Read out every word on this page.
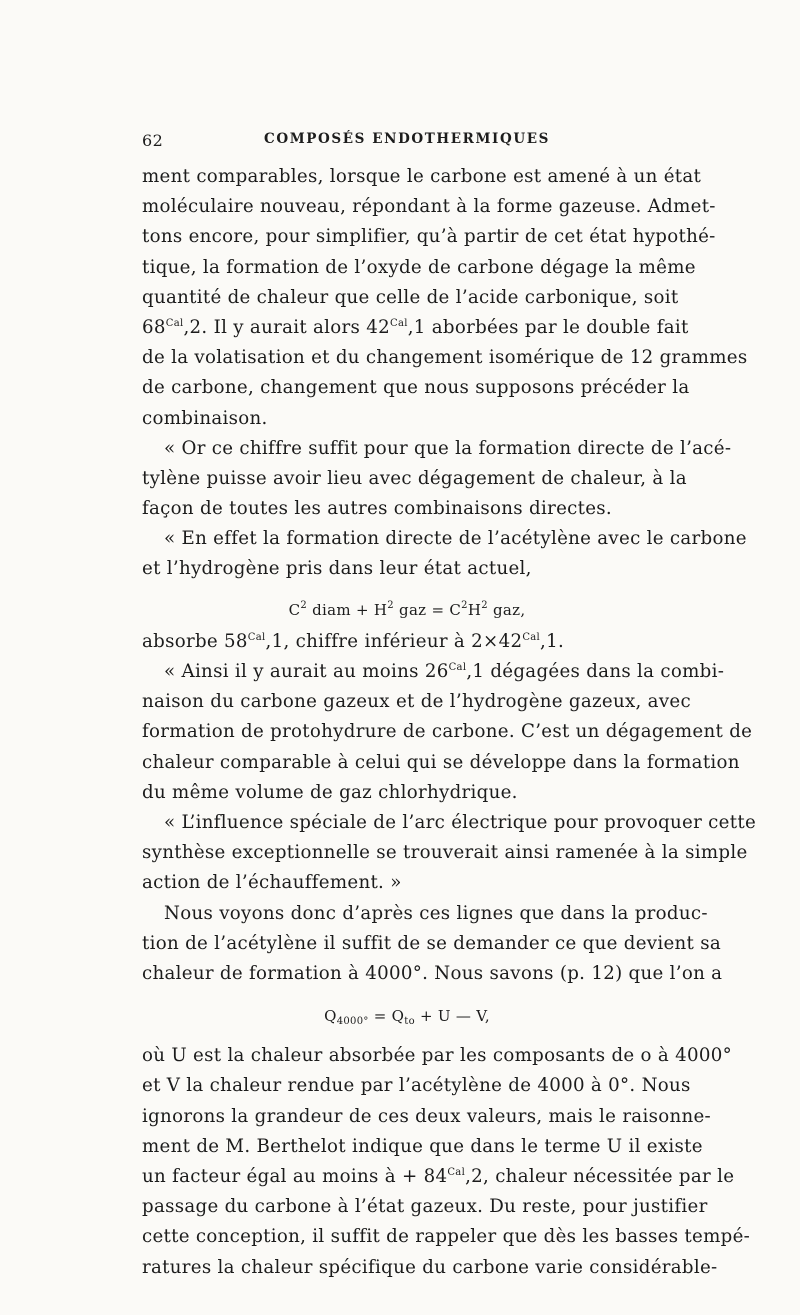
62	COMPOSÉS ENDOTHERMIQUES
ment comparables, lorsque le carbone est amené à un état
moléculaire nouveau, répondant à la forme gazeuse. Admet-
tons encore, pour simplifier, qu’à partir de cet état hypothé-
tique, la formation de l’oxyde de carbone dégage la même
quantité de chaleur que celle de l’acide carbonique, soit
$68^{Cal},2$. Il y aurait alors $42^{Cal},1$ aborbées par le double fait
de la volatisation et du changement isomérique de 12 grammes
de carbone, changement que nous supposons précéder la
combinaison.
« Or ce chiffre suffit pour que la formation directe de l’acé-
tylène puisse avoir lieu avec dégagement de chaleur, à la
façon de toutes les autres combinaisons directes.
« En effet la formation directe de l’acétylène avec le carbone
et l’hydrogène pris dans leur état actuel,
$C^2$ diam + $H^2$ gaz = $C^2H^2$ gaz,
absorbe $58^{Cal},1$, chiffre inférieur à $2\times 42^{Cal},1$.
« Ainsi il y aurait au moins $26^{Cal},1$ dégagées dans la combi-
naison du carbone gazeux et de l’hydrogène gazeux, avec
formation de protohydrure de carbone. C’est un dégagement de
chaleur comparable à celui qui se développe dans la formation
du même volume de gaz chlorhydrique.
« L’influence spéciale de l’arc électrique pour provoquer cette
synthèse exceptionnelle se trouverait ainsi ramenée à la simple
action de l’échauffement. »
Nous voyons donc d’après ces lignes que dans la produc-
tion de l’acétylène il suffit de se demander ce que devient sa
chaleur de formation à 4000°. Nous savons (p. 12) que l’on a
$Q_{4000^\circ} = Q_{to} + U$ — V,
où U est la chaleur absorbée par les composants de o à 4000°
et V la chaleur rendue par l’acétylène de 4000 à 0°. Nous
ignorons la grandeur de ces deux valeurs, mais le raisonne-
ment de M. Berthelot indique que dans le terme U il existe
un facteur égal au moins à + $84^{Cal},2$, chaleur nécessitée par le
passage du carbone à l’état gazeux. Du reste, pour justifier
cette conception, il suffit de rappeler que dès les basses tempé-
ratures la chaleur spécifique du carbone varie considérable-
